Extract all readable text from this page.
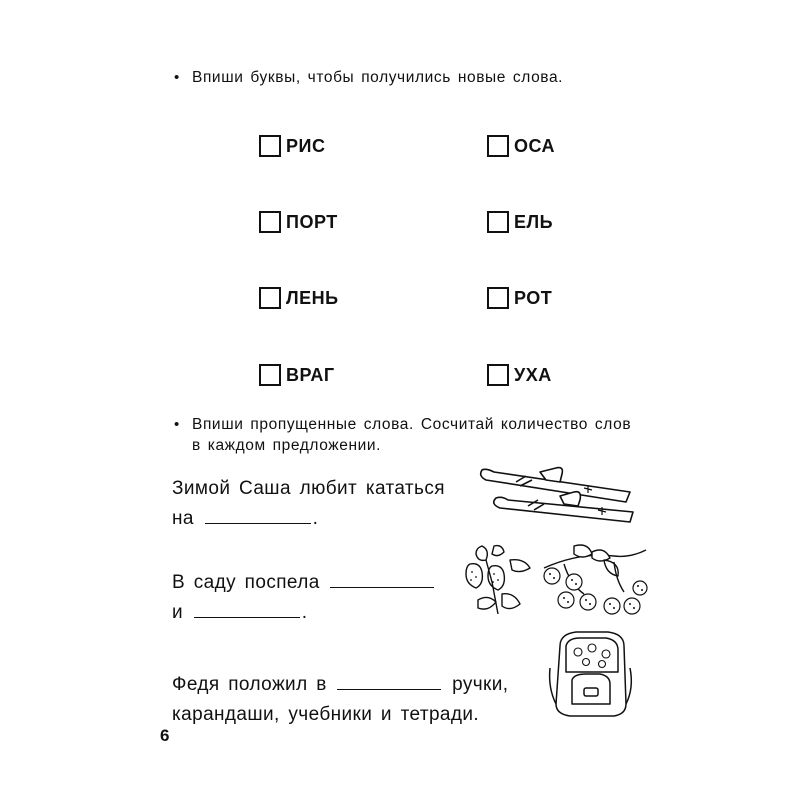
• Впиши буквы, чтобы получились новые слова.
РИС
ПОРТ
ЛЕНЬ
ВРАГ
ОСА
ЕЛЬ
РОТ
УХА
• Впиши пропущенные слова. Сосчитай количество слов
в каждом предложении.
Зимой Саша любит кататься
на	.
В саду поспела
и	.
Федя положил в	ручки,
карандаши, учебники и тетради.
6
